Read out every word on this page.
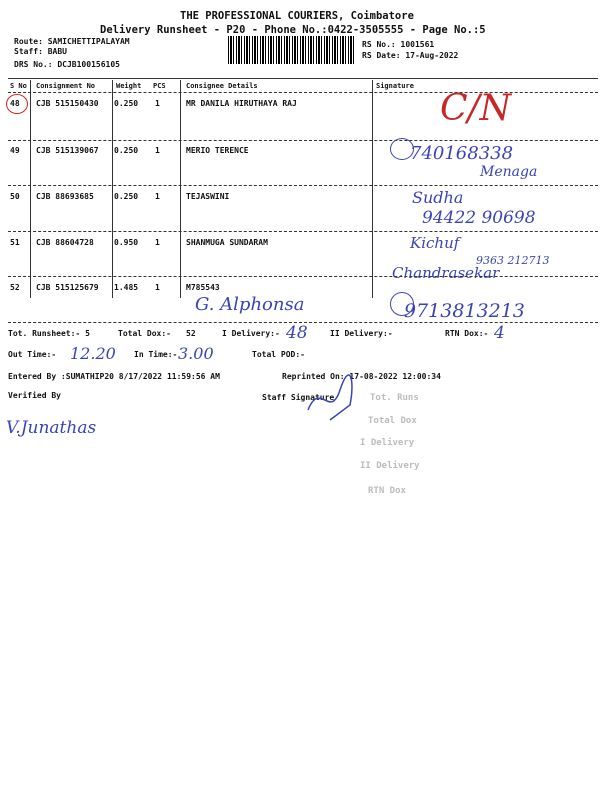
THE PROFESSIONAL COURIERS, Coimbatore
Delivery Runsheet - P20 - Phone No.:0422-3505555 - Page No.:5
Route: SAMICHETTIPALAYAM
Staff: BABU
DRS No.: DCJB100156105
RS No.: 1001561
RS Date: 17-Aug-2022
S No Consignment No	Weight PCS	Consignee Details	Signature
48 CJB 515150430 0.250 1	MR DANILA HIRUTHAYA RAJ	C/N
49 CJB 515139067 0.250 1	MERIO TERENCE	740168338
Menaga
50 CJB 88693685	0.250 1	TEJASWINI	Sudha
94422 90698
51 CJB 88604728	0.950 1	SHANMUGA SUNDARAM	Kichuf
9363 212713
Chandrasekar
52 CJB 515125679 1.485 1	M785543
G. Alphonsa	9713813213
Tot. Runsheet:- 5	Total Dox:- 52	I Delivery:- 48	II Delivery:-	RTN Dox:- 4
Out Time:- 12.20 In Time:- 3.00	Total POD:-
Entered By :SUMATHIP20 8/17/2022 11:59:56 AM	Reprinted On: 17-08-2022 12:00:34
Verified By	Staff Signature
V.Junathas
Tot. Runs
Total Dox
I Delivery
II Delivery
RTN Dox
